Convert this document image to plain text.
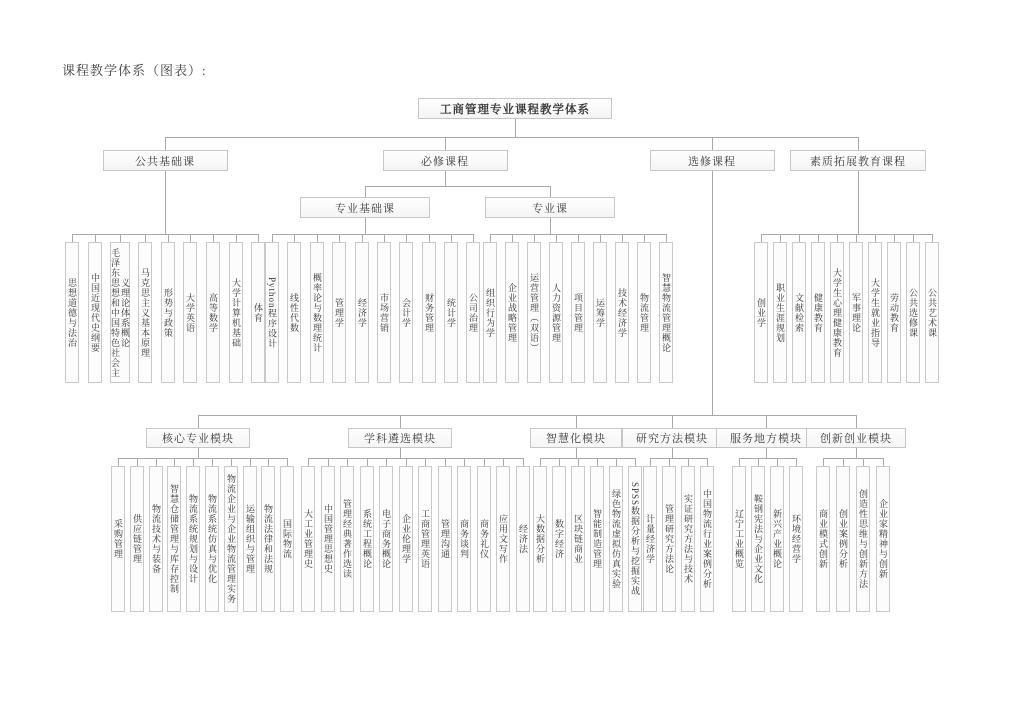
课程教学体系（图表）:
工商管理专业课程教学体系
公共基础课	必修课程	选修课程	素质拓展教育课程
专业基础课	专业课
核心专业模块	学科遴选模块	智慧化模块	研究方法模块	服务地方模块	创新创业模块
思想道德与法治 中国近现代史纲要 毛泽东思想和中国特色社会主义理论体系概论 马克思主义基本原理 形势与政策 大学英语 高等数学 大学计算机基础 体育 Python程序设计 线性代数 概率论与数理统计 管理学 经济学 市场营销 会计学 财务管理 统计学 公司治理 组织行为学 企业战略管理 运营管理（双语） 人力资源管理 项目管理 运筹学 技术经济学 物流管理 智慧物流管理概论	创业学 职业生涯规划 文献检索 健康教育 大学生心理健康教育 军事理论 大学生就业指导 劳动教育 公共选修课 公共艺术课
采购管理 供应链管理 物流技术与装备 智慧仓储管理与库存控制 物流系统规划与设计 物流系统仿真与优化 物流企业与企业物流管理实务 运输组织与管理 物流法律和法规 国际物流 大工业管理史 中国管理思想史 管理经典著作选读 系统工程概论 电子商务概论 企业伦理学 工商管理英语 管理沟通 商务谈判 商务礼仪 应用文写作 经济法 大数据分析 数字经济 区块链商业 智能制造管理 绿色物流虚拟仿真实验 SPSS数据分析与挖掘实战 计量经济学 管理研究方法论 实证研究方法与技术 中国物流行业案例分析 辽宁工业概览 鞍钢宪法与企业文化 新兴产业概论 环境经营学 商业模式创新 创业案例分析 创造性思维与创新方法 企业家精神与创新
